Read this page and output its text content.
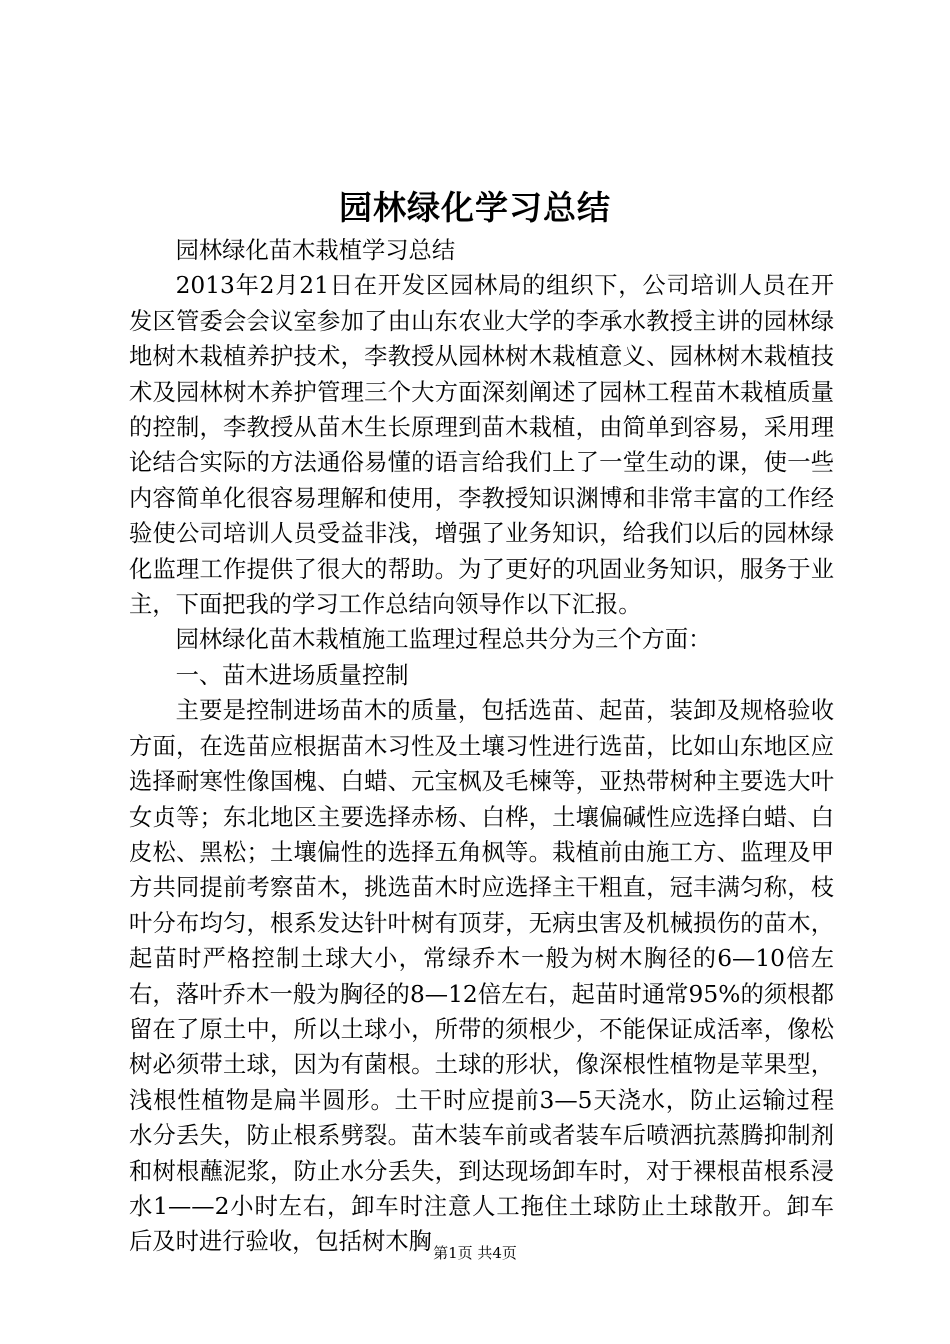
园林绿化学习总结

园林绿化苗木栽植学习总结

2013年2月21日在开发区园林局的组织下，公司培训人员在开发区管委会会议室参加了由山东农业大学的李承水教授主讲的园林绿地树木栽植养护技术，李教授从园林树木栽植意义、园林树木栽植技术及园林树木养护管理三个大方面深刻阐述了园林工程苗木栽植质量的控制，李教授从苗木生长原理到苗木栽植，由简单到容易，采用理论结合实际的方法通俗易懂的语言给我们上了一堂生动的课，使一些内容简单化很容易理解和使用，李教授知识渊博和非常丰富的工作经验使公司培训人员受益非浅，增强了业务知识，给我们以后的园林绿化监理工作提供了很大的帮助。为了更好的巩固业务知识，服务于业主，下面把我的学习工作总结向领导作以下汇报。

园林绿化苗木栽植施工监理过程总共分为三个方面：

一、苗木进场质量控制

主要是控制进场苗木的质量，包括选苗、起苗，装卸及规格验收方面，在选苗应根据苗木习性及土壤习性进行选苗，比如山东地区应选择耐寒性像国槐、白蜡、元宝枫及毛楝等，亚热带树种主要选大叶女贞等；东北地区主要选择赤杨、白桦，土壤偏碱性应选择白蜡、白皮松、黑松；土壤偏性的选择五角枫等。栽植前由施工方、监理及甲方共同提前考察苗木，挑选苗木时应选择主干粗直，冠丰满匀称，枝叶分布均匀，根系发达针叶树有顶芽，无病虫害及机械损伤的苗木，起苗时严格控制土球大小，常绿乔木一般为树木胸径的6—10倍左右，落叶乔木一般为胸径的8—12倍左右，起苗时通常95%的须根都留在了原土中，所以土球小，所带的须根少，不能保证成活率，像松树必须带土球，因为有菌根。土球的形状，像深根性植物是苹果型，浅根性植物是扁半圆形。土干时应提前3—5天浇水，防止运输过程水分丢失，防止根系劈裂。苗木装车前或者装车后喷洒抗蒸腾抑制剂和树根蘸泥浆，防止水分丢失，到达现场卸车时，对于裸根苗根系浸水1——2小时左右，卸车时注意人工拖住土球防止土球散开。卸车后及时进行验收，包括树木胸 第1页 共4页
